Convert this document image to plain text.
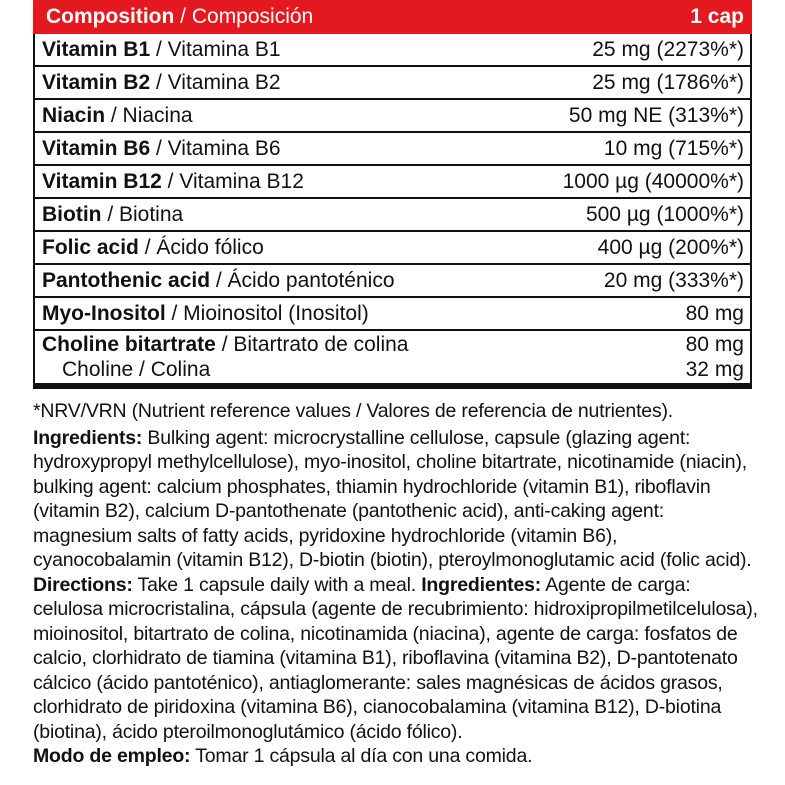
Composition / Composición	1 cap
Vitamin B1 / Vitamina B1	25 mg (2273%*)
Vitamin B2 / Vitamina B2	25 mg (1786%*)
Niacin / Niacina	50 mg NE (313%*)
Vitamin B6 / Vitamina B6	10 mg (715%*)
Vitamin B12 / Vitamina B12	1000 µg (40000%*)
Biotin / Biotina	500 µg (1000%*)
Folic acid / Ácido fólico	400 µg (200%*)
Pantothenic acid / Ácido pantoténico	20 mg (333%*)
Myo-Inositol / Mioinositol (Inositol)	80 mg
Choline bitartrate / Bitartrato de colina	80 mg
Choline / Colina	32 mg

*NRV/VRN (Nutrient reference values / Valores de referencia de nutrientes).

Ingredients: Bulking agent: microcrystalline cellulose, capsule (glazing agent: hydroxypropyl methylcellulose), myo-inositol, choline bitartrate, nicotinamide (niacin), bulking agent: calcium phosphates, thiamin hydrochloride (vitamin B1), riboflavin (vitamin B2), calcium D-pantothenate (pantothenic acid), anti-caking agent: magnesium salts of fatty acids, pyridoxine hydrochloride (vitamin B6), cyanocobalamin (vitamin B12), D-biotin (biotin), pteroylmonoglutamic acid (folic acid). Directions: Take 1 capsule daily with a meal. Ingredientes: Agente de carga: celulosa microcristalina, cápsula (agente de recubrimiento: hidroxipropilmetilcelulosa), mioinositol, bitartrato de colina, nicotinamida (niacina), agente de carga: fosfatos de calcio, clorhidrato de tiamina (vitamina B1), riboflavina (vitamina B2), D-pantotenato cálcico (ácido pantoténico), antiaglomerante: sales magnésicas de ácidos grasos, clorhidrato de piridoxina (vitamina B6), cianocobalamina (vitamina B12), D-biotina (biotina), ácido pteroilmonoglutámico (ácido fólico).

Modo de empleo: Tomar 1 cápsula al día con una comida.
